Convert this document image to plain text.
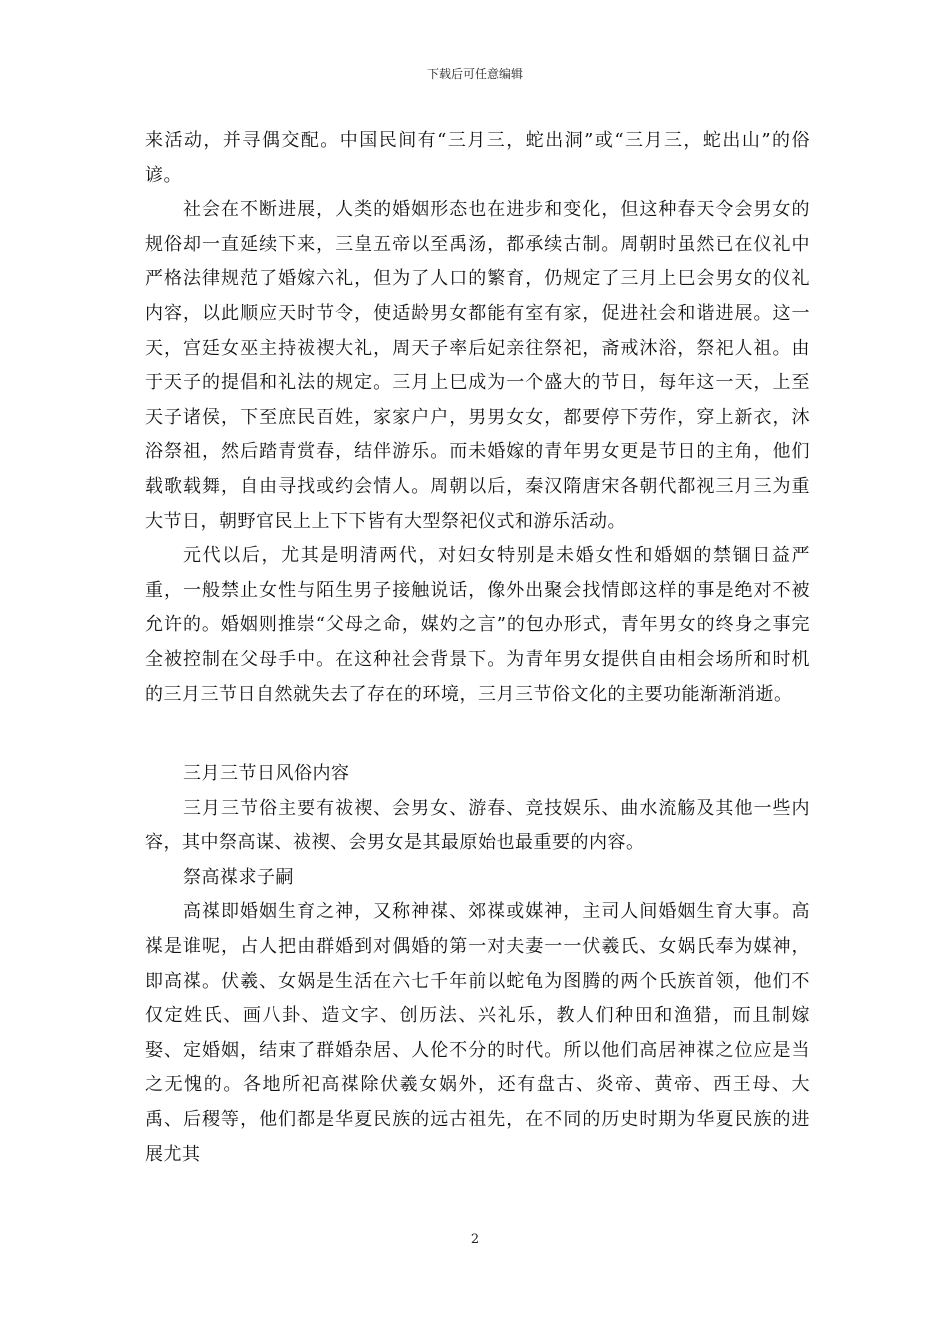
下载后可任意编辑

来活动，并寻偶交配。中国民间有“三月三，蛇出洞”或“三月三，蛇出山”的俗谚。

社会在不断进展，人类的婚姻形态也在进步和变化，但这种春天令会男女的规俗却一直延续下来，三皇五帝以至禹汤，都承续古制。周朝时虽然已在仪礼中严格法律规范了婚嫁六礼，但为了人口的繁育，仍规定了三月上巳会男女的仪礼内容，以此顺应天时节令，使适龄男女都能有室有家，促进社会和谐进展。这一天，宫廷女巫主持祓禊大礼，周天子率后妃亲往祭祀，斋戒沐浴，祭祀人祖。由于天子的提倡和礼法的规定。三月上巳成为一个盛大的节日，每年这一天，上至天子诸侯，下至庶民百姓，家家户户，男男女女，都要停下劳作，穿上新衣，沐浴祭祖，然后踏青赏春，结伴游乐。而未婚嫁的青年男女更是节日的主角，他们载歌载舞，自由寻找或约会情人。周朝以后，秦汉隋唐宋各朝代都视三月三为重大节日，朝野官民上上下下皆有大型祭祀仪式和游乐活动。

元代以后，尤其是明清两代，对妇女特别是未婚女性和婚姻的禁锢日益严重，一般禁止女性与陌生男子接触说话，像外出聚会找情郎这样的事是绝对不被允许的。婚姻则推崇“父母之命，媒妁之言”的包办形式，青年男女的终身之事完全被控制在父母手中。在这种社会背景下。为青年男女提供自由相会场所和时机的三月三节日自然就失去了存在的环境，三月三节俗文化的主要功能渐渐消逝。

三月三节日风俗内容

三月三节俗主要有祓禊、会男女、游春、竞技娱乐、曲水流觞及其他一些内容，其中祭高谋、祓禊、会男女是其最原始也最重要的内容。

祭高禖求子嗣

高禖即婚姻生育之神，又称神禖、郊禖或媒神，主司人间婚姻生育大事。高禖是谁呢，占人把由群婚到对偶婚的第一对夫妻一一伏羲氏、女娲氏奉为媒神，即高禖。伏羲、女娲是生活在六七千年前以蛇龟为图腾的两个氏族首领，他们不仅定姓氏、画八卦、造文字、创历法、兴礼乐，教人们种田和渔猎，而且制嫁娶、定婚姻，结束了群婚杂居、人伦不分的时代。所以他们高居神禖之位应是当之无愧的。各地所祀高禖除伏羲女娲外，还有盘古、炎帝、黄帝、西王母、大禹、后稷等，他们都是华夏民族的远古祖先，在不同的历史时期为华夏民族的进展尤其

2
